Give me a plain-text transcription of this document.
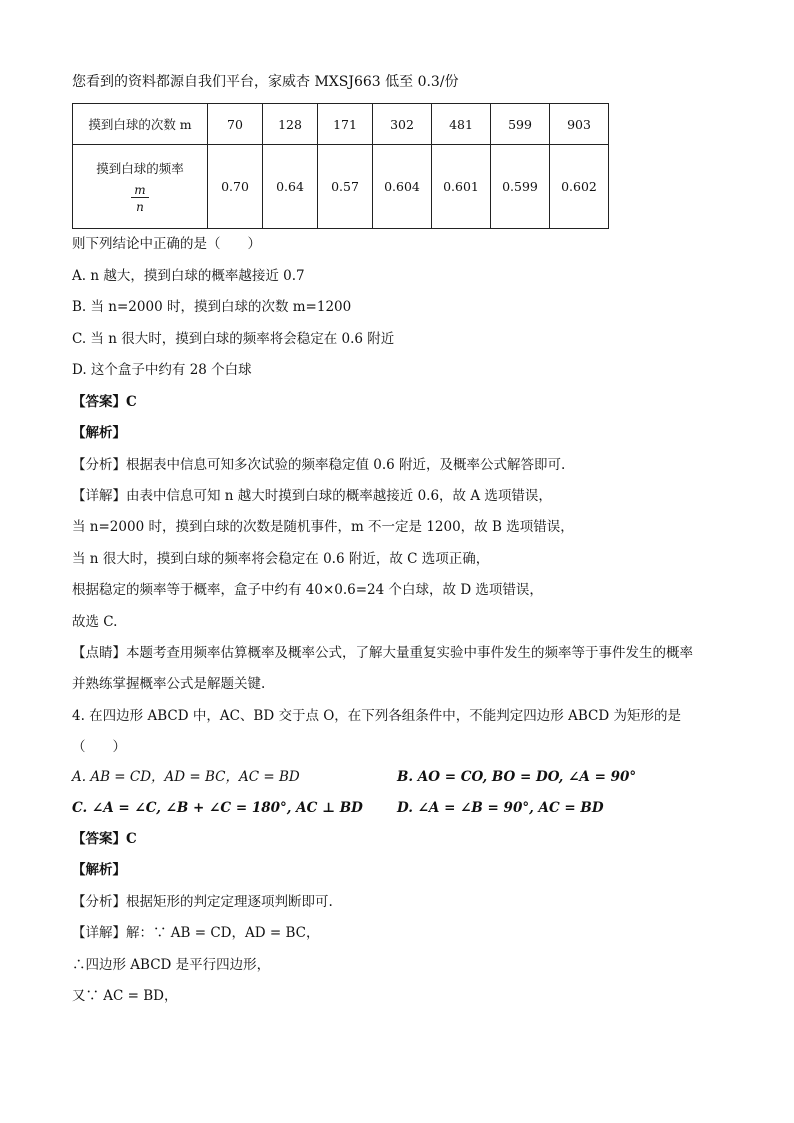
您看到的资料都源自我们平台，家威杏 MXSJ663 低至 0.3/份
摸到白球的次数 m	70	128	171	302	481	599	903

摸到白球的频率
$\frac{m}{n}$	0.70	0.64	0.57	0.604	0.601	0.599	0.602
则下列结论中正确的是（　　）
A. n 越大，摸到白球的概率越接近 0.7
B. 当 n=2000 时，摸到白球的次数 m=1200
C. 当 n 很大时，摸到白球的频率将会稳定在 0.6 附近
D. 这个盒子中约有 28 个白球
【答案】C
【解析】
【分析】根据表中信息可知多次试验的频率稳定值 0.6 附近，及概率公式解答即可.
【详解】由表中信息可知 n 越大时摸到白球的概率越接近 0.6，故 A 选项错误，
当 n=2000 时，摸到白球的次数是随机事件，m 不一定是 1200，故 B 选项错误，
当 n 很大时，摸到白球的频率将会稳定在 0.6 附近，故 C 选项正确，
根据稳定的频率等于概率，盒子中约有 40×0.6=24 个白球，故 D 选项错误，
故选 C.
【点睛】本题考查用频率估算概率及概率公式，了解大量重复实验中事件发生的频率等于事件发生的概率
并熟练掌握概率公式是解题关键.
4. 在四边形 ABCD 中，AC、BD 交于点 O，在下列各组条件中，不能判定四边形 ABCD 为矩形的是
（　　）
A. AB = CD，AD = BC，AC = BD	B. AO = CO, BO = DO, ∠A = 90°
C. ∠A = ∠C, ∠B + ∠C = 180°, AC ⊥ BD	D. ∠A = ∠B = 90°, AC = BD
【答案】C
【解析】
【分析】根据矩形的判定定理逐项判断即可.
【详解】解：∵ AB = CD，AD = BC，
∴四边形 ABCD 是平行四边形，
又∵ AC = BD，
